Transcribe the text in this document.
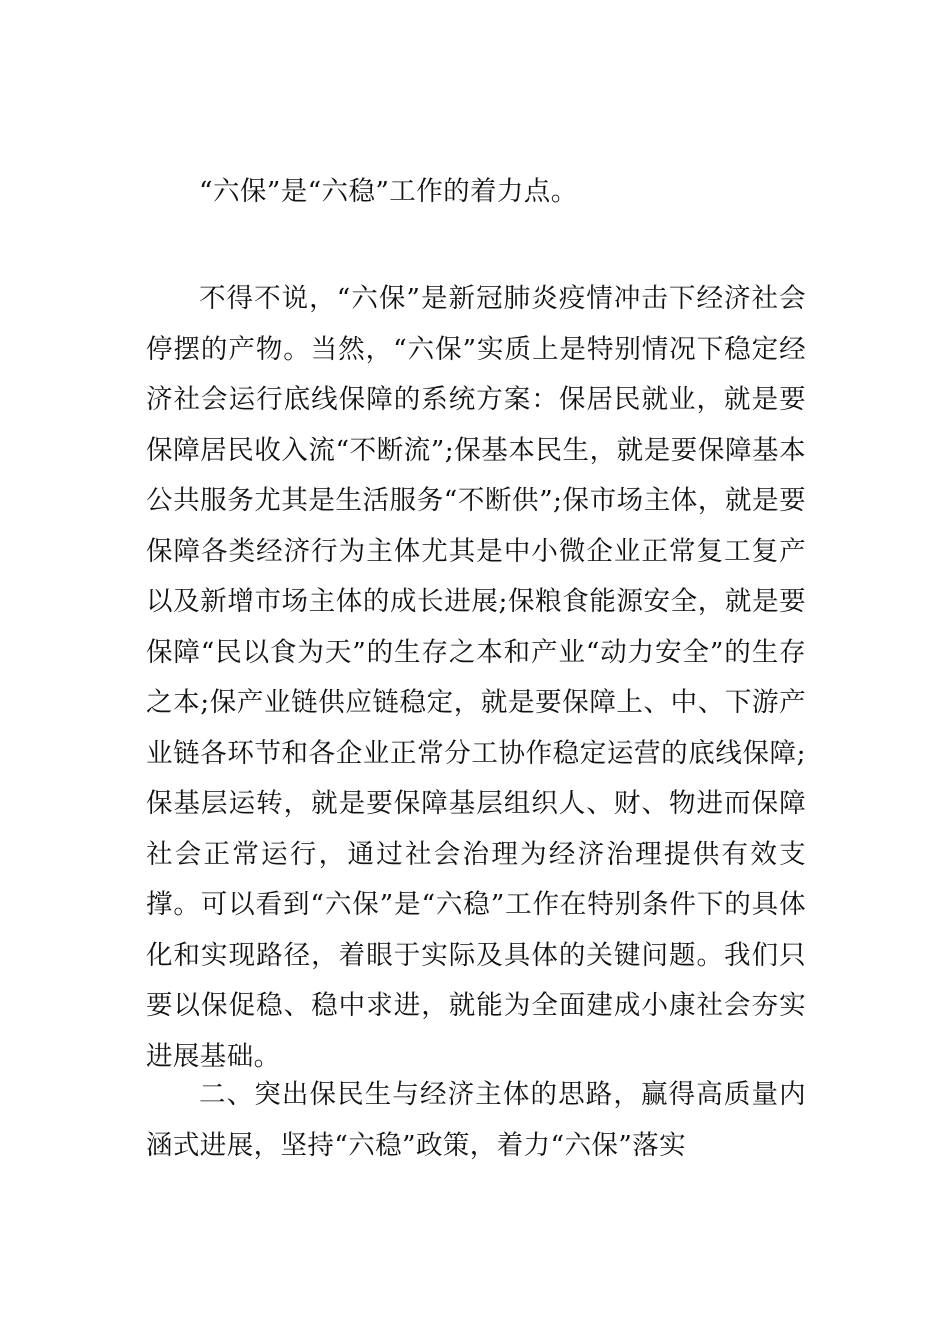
“六保”是“六稳”工作的着力点。

不得不说，“六保”是新冠肺炎疫情冲击下经济社会停摆的产物。当然，“六保”实质上是特别情况下稳定经济社会运行底线保障的系统方案：保居民就业，就是要保障居民收入流“不断流”;保基本民生，就是要保障基本公共服务尤其是生活服务“不断供”;保市场主体，就是要保障各类经济行为主体尤其是中小微企业正常复工复产以及新增市场主体的成长进展;保粮食能源安全，就是要保障“民以食为天”的生存之本和产业“动力安全”的生存之本;保产业链供应链稳定，就是要保障上、中、下游产业链各环节和各企业正常分工协作稳定运营的底线保障;保基层运转，就是要保障基层组织人、财、物进而保障社会正常运行，通过社会治理为经济治理提供有效支撑。可以看到“六保”是“六稳”工作在特别条件下的具体化和实现路径，着眼于实际及具体的关键问题。我们只要以保促稳、稳中求进，就能为全面建成小康社会夯实进展基础。

二、突出保民生与经济主体的思路，赢得高质量内涵式进展，坚持“六稳”政策，着力“六保”落实
